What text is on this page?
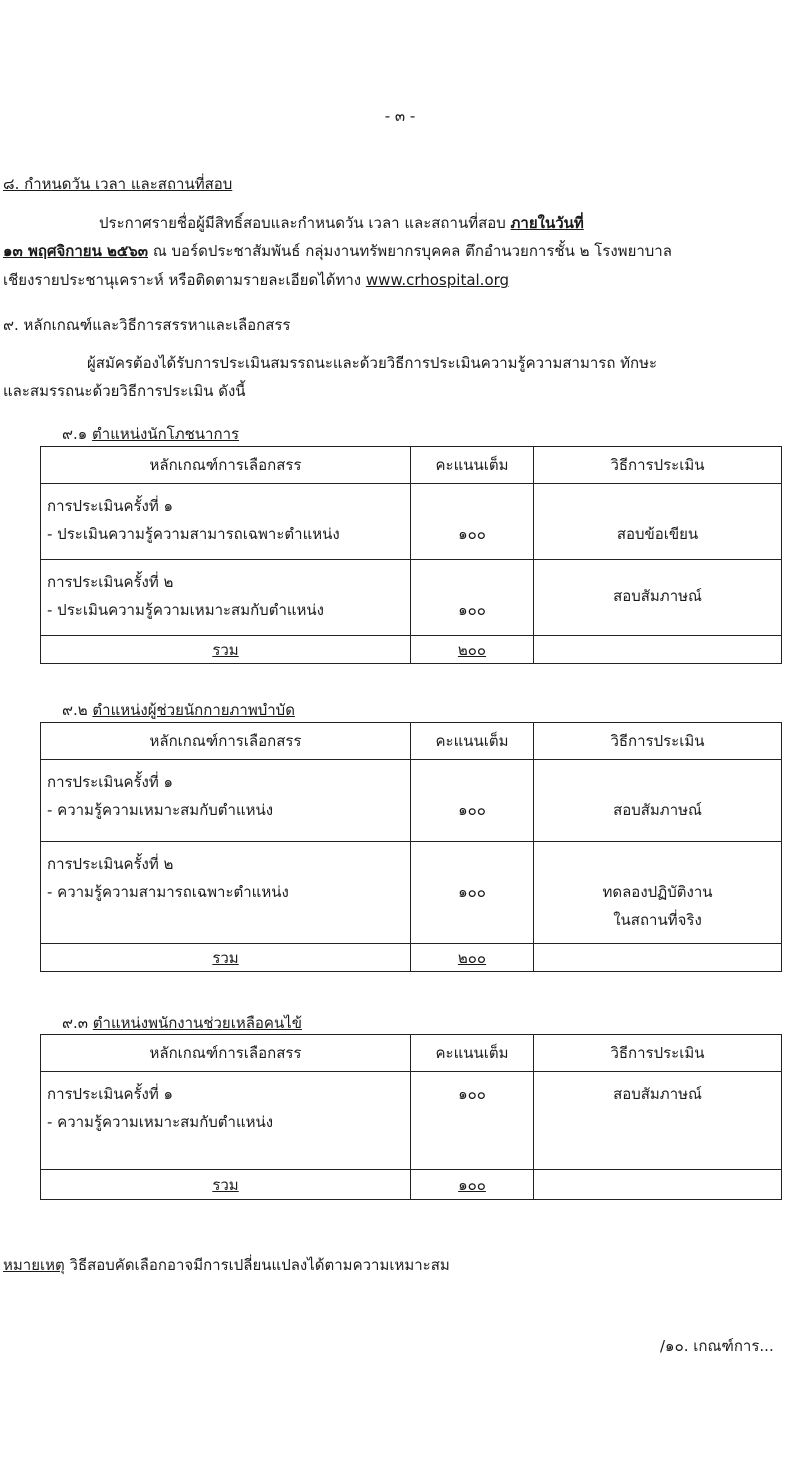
- ๓ -
๘. กำหนดวัน เวลา และสถานที่สอบ
ประกาศรายชื่อผู้มีสิทธิ์สอบและกำหนดวัน เวลา และสถานที่สอบ ภายในวันที่
๑๓ พฤศจิกายน ๒๕๖๓ ณ บอร์ดประชาสัมพันธ์ กลุ่มงานทรัพยากรบุคคล ตึกอำนวยการชั้น ๒ โรงพยาบาล
เชียงรายประชานุเคราะห์ หรือติดตามรายละเอียดได้ทาง www.crhospital.org
๙. หลักเกณฑ์และวิธีการสรรหาและเลือกสรร
ผู้สมัครต้องได้รับการประเมินสมรรถนะและด้วยวิธีการประเมินความรู้ความสามารถ ทักษะ
และสมรรถนะด้วยวิธีการประเมิน ดังนี้
๙.๑ ตำแหน่งนักโภชนาการ
หลักเกณฑ์การเลือกสรร	คะแนนเต็ม	วิธีการประเมิน

การประเมินครั้งที่ ๑
- ประเมินความรู้ความสามารถเฉพาะตำแหน่ง	๑๐๐	สอบข้อเขียน

การประเมินครั้งที่ ๒
- ประเมินความรู้ความเหมาะสมกับตำแหน่ง	๑๐๐	สอบสัมภาษณ์

รวม	๒๐๐	
๙.๒ ตำแหน่งผู้ช่วยนักกายภาพบำบัด
หลักเกณฑ์การเลือกสรร	คะแนนเต็ม	วิธีการประเมิน

การประเมินครั้งที่ ๑
- ความรู้ความเหมาะสมกับตำแหน่ง	๑๐๐	สอบสัมภาษณ์

การประเมินครั้งที่ ๒
- ความรู้ความสามารถเฉพาะตำแหน่ง	๑๐๐	ทดลองปฏิบัติงาน
ในสถานที่จริง

รวม	๒๐๐	
๙.๓ ตำแหน่งพนักงานช่วยเหลือคนไข้
หลักเกณฑ์การเลือกสรร	คะแนนเต็ม	วิธีการประเมิน

การประเมินครั้งที่ ๑
- ความรู้ความเหมาะสมกับตำแหน่ง	๑๐๐	สอบสัมภาษณ์

รวม	๑๐๐	
หมายเหตุ วิธีสอบคัดเลือกอาจมีการเปลี่ยนแปลงได้ตามความเหมาะสม
/๑๐. เกณฑ์การ...
